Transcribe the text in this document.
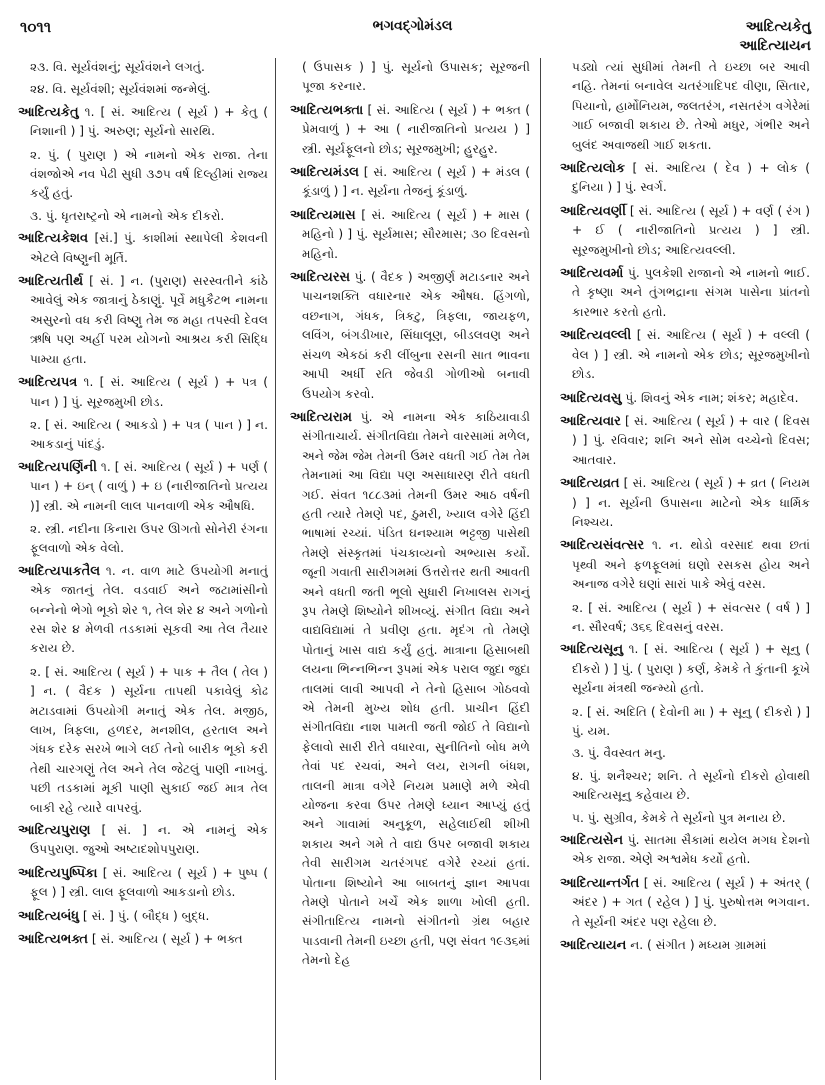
૧૦૧૧	ભગવદ્ગોમંડલ	આદિત્યકેતુ
આદિત્યાયન

૨૩. વિ. સૂર્યવંશનું; સૂર્યવંશને લગતું.

૨૪. વિ. સૂર્યવંશી; સૂર્યવંશમાં જન્મેલું.

આદિત્યકેતુ ૧. [ સં. આદિત્ય ( સૂર્ય ) + કેતુ ( નિશાની ) ] પું. અરુણ; સૂર્યનો સારથિ.

૨. પું. ( પુરાણ ) એ નામનો એક રાજા. તેના વંશજોએ નવ પેઢી સુધી ૩૭૫ વર્ષ દિલ્હીમાં રાજ્ય કર્યું હતું.

૩. પું. ધૃતરાષ્ટ્રનો એ નામનો એક દીકરો.

આદિત્યકેશવ [સં.] પું. કાશીમાં સ્થાપેલી કેશવની એટલે વિષ્ણુની મૂર્તિ.

આદિત્યતીર્થ [ સં. ] ન. (પુરાણ) સરસ્વતીને કાંઠે આવેલું એક જાત્રાનું ઠેકાણું. પૂર્વે મધુકૈટભ નામના અસુરનો વધ કરી વિષ્ણુ તેમ જ મહા તપસ્વી દેવલ ઋષિ પણ અહીં પરમ યોગનો આશ્રય કરી સિદ્ધિ પામ્યા હતા.

આદિત્યપત્ર ૧. [ સં. આદિત્ય ( સૂર્ય ) + પત્ર ( પાન ) ] પું. સૂરજમુખી છોડ.

૨. [ સં. આદિત્ય ( આકડો ) + પત્ર ( પાન ) ] ન. આકડાનું પાંદડું.

આદિત્યપર્ણિની ૧. [ સં. આદિત્ય ( સૂર્ય ) + પર્ણ ( પાન ) + ઇન્ ( વાળું ) + ઇ (નારીજાતિનો પ્રત્યય )] સ્ત્રી. એ નામની લાલ પાનવાળી એક ઔષધિ.

૨. સ્ત્રી. નદીના કિનારા ઉપર ઊગતો સોનેરી રંગના ફૂલવાળો એક વેલો.

આદિત્યપાકતૈલ ૧. ન. વાળ માટે ઉપયોગી મનાતું એક જાતનું તેલ. વડવાઈ અને જટામાંસીનો બન્નેનો ભેગો ભૂકો શેર ૧, તેલ શેર ૪ અને ગળોનો રસ શેર ૪ મેળવી તડકામાં સૂકવી આ તેલ તૈયાર કરાય છે.

૨. [ સં. આદિત્ય ( સૂર્ય ) + પાક + તૈલ ( તેલ ) ] ન. ( વૈદક ) સૂર્યના તાપથી પકાવેલું કોઢ મટાડવામાં ઉપયોગી મનાતું એક તેલ. મજીઠ, લાખ, ત્રિફલા, હળદર, મનશીલ, હરતાલ અને ગંધક દરેક સરખે ભાગે લઈ તેનો બારીક ભૂકો કરી તેથી ચારગણું તેલ અને તેલ જેટલું પાણી નાખવું. પછી તડકામાં મૂકી પાણી સુકાઈ જઈ માત્ર તેલ બાકી રહે ત્યારે વાપરવું.

આદિત્યપુરાણ [ સં. ] ન. એ નામનું એક ઉપપુરાણ. જુઓ અષ્ટાદશોપપુરાણ.

આદિત્યપુષ્પિકા [ સં. આદિત્ય ( સૂર્ય ) + પુષ્પ ( ફૂલ ) ] સ્ત્રી. લાલ ફૂલવાળો આકડાનો છોડ.

આદિત્યબંધુ [ સં. ] પું. ( બૌદ્ધ ) બુદ્ધ.

આદિત્યભક્ત [ સં. આદિત્ય ( સૂર્ય ) + ભક્ત

( ઉપાસક ) ] પું. સૂર્યનો ઉપાસક; સૂરજની પૂજા કરનાર.

આદિત્યભક્તા [ સં. આદિત્ય ( સૂર્ય ) + ભક્ત ( પ્રેમવાળું ) + આ ( નારીજાતિનો પ્રત્યય ) ] સ્ત્રી. સૂર્યફૂલનો છોડ; સૂરજમુખી; હુરહુર.

આદિત્યમંડલ [ સં. આદિત્ય ( સૂર્ય ) + મંડલ ( કૂંડાળું ) ] ન. સૂર્યના તેજનું કૂંડાળું.

આદિત્યમાસ [ સં. આદિત્ય ( સૂર્ય ) + માસ ( મહિનો ) ] પું. સૂર્યમાસ; સૌરમાસ; ૩૦ દિવસનો મહિનો.

આદિત્યરસ પું. ( વૈદક ) અજીર્ણ મટાડનાર અને પાચનશક્તિ વધારનાર એક ઔષધ. હિંગળો, વછનાગ, ગંધક, ત્રિકટુ, ત્રિફલા, જાયફળ, લવિંગ, બંગડીખાર, સિંધાલૂણ, બીડલવણ અને સંચળ એકઠાં કરી લીંબુના રસની સાત ભાવના આપી અર્ધી રતિ જેવડી ગોળીઓ બનાવી ઉપયોગ કરવો.

આદિત્યરામ પું. એ નામના એક કાઠિયાવાડી સંગીતાચાર્ય. સંગીતવિદ્યા તેમને વારસામાં મળેલ, અને જેમ જેમ તેમની ઉમર વધતી ગઈ તેમ તેમ તેમનામાં આ વિદ્યા પણ અસાધારણ રીતે વધતી ગઈ. સંવત ૧૮૮૩માં તેમની ઉમર આઠ વર્ષની હતી ત્યારે તેમણે પદ, ઠુમરી, ખ્યાલ વગેરે હિંદી ભાષામાં રચ્યાં. પંડિત ઘનશ્યામ ભટ્ટજી પાસેથી તેમણે સંસ્કૃતમાં પંચકાવ્યનો અભ્યાસ કર્યો. જૂની ગવાતી સારીગમમાં ઉત્તરોત્તર થતી આવતી અને વધતી જતી ભૂલો સુધારી નિખાલસ રાગનું રૂપ તેમણે શિષ્યોને શીખવ્યું. સંગીત વિદ્યા અને વાદ્યવિદ્યામાં તે પ્રવીણ હતા. મૃદંગ તો તેમણે પોતાનું ખાસ વાદ્ય કર્યું હતું. માત્રાના હિસાબથી લયના ભિન્નભિન્ન રૂપમાં એક પરાલ જુદા જુદા તાલમાં લાવી આપવી ને તેનો હિસાબ ગોઠવવો એ તેમની મુખ્ય શોધ હતી. પ્રાચીન હિંદી સંગીતવિદ્યા નાશ પામતી જતી જોઈ તે વિદ્યાનો ફેલાવો સારી રીતે વધારવા, સુનીતિનો બોધ મળે તેવાં પદ રચવાં, અને લય, રાગની બંધશ, તાલની માત્રા વગેરે નિયમ પ્રમાણે મળે એવી યોજના કરવા ઉપર તેમણે ધ્યાન આપ્યું હતું અને ગાવામાં અનુકૂળ, સહેલાઈથી શીખી શકાય અને ગમે તે વાદ્ય ઉપર બજાવી શકાય તેવી સારીગમ ચતરંગપદ વગેરે રચ્યાં હતાં. પોતાના શિષ્યોને આ બાબતનું જ્ઞાન આપવા તેમણે પોતાને ખર્ચે એક શાળા ખોલી હતી. સંગીતાદિત્ય નામનો સંગીતનો ગ્રંથ બહાર પાડવાની તેમની ઇચ્છા હતી, પણ સંવત ૧૯૩૬માં તેમનો દેહ

પડ્યો ત્યાં સુધીમાં તેમની તે ઇચ્છા બર આવી નહિ. તેમનાં બનાવેલ ચતરંગાદિપદ વીણા, સિતાર, પિયાનો, હાર્મોનિયમ, જલતરંગ, નસતરંગ વગેરેમાં ગાઈ બજાવી શકાય છે. તેઓ મધુર, ગંભીર અને બુલંદ અવાજથી ગાઈ શકતા.

આદિત્યલોક [ સં. આદિત્ય ( દેવ ) + લોક ( દુનિયા ) ] પું. સ્વર્ગ.

આદિત્યવર્ણી [ સં. આદિત્ય ( સૂર્ય ) + વર્ણ ( રંગ ) + ઈ ( નારીજાતિનો પ્રત્યય ) ] સ્ત્રી. સૂરજમુખીનો છોડ; આદિત્યવલ્લી.

આદિત્યવર્મા પું. પુલકેશી રાજાનો એ નામનો ભાઈ. તે કૃષ્ણા અને તુંગભદ્રાના સંગમ પાસેના પ્રાંતનો કારભાર કરતો હતો.

આદિત્યવલ્લી [ સં. આદિત્ય ( સૂર્ય ) + વલ્લી ( વેલ ) ] સ્ત્રી. એ નામનો એક છોડ; સૂરજમુખીનો છોડ.

આદિત્યવસુ પું. શિવનું એક નામ; શંકર; મહાદેવ.

આદિત્યવાર [ સં. આદિત્ય ( સૂર્ય ) + વાર ( દિવસ ) ] પું. રવિવાર; શનિ અને સોમ વચ્ચેનો દિવસ; આતવાર.

આદિત્યવ્રત [ સં. આદિત્ય ( સૂર્ય ) + વ્રત ( નિયમ ) ] ન. સૂર્યની ઉપાસના માટેનો એક ધાર્મિક નિશ્ચય.

આદિત્યસંવત્સર ૧. ન. થોડો વરસાદ થવા છતાં પૃથ્વી અને ફળફૂલમાં ઘણો રસકસ હોય અને અનાજ વગેરે ઘણાં સારાં પાકે એવું વરસ.

૨. [ સં. આદિત્ય ( સૂર્ય ) + સંવત્સર ( વર્ષ ) ] ન. સૌરવર્ષ; ૩૬૬ દિવસનું વરસ.

આદિત્યસૂનુ ૧. [ સં. આદિત્ય ( સૂર્ય ) + સૂનુ ( દીકરો ) ] પું. ( પુરાણ ) કર્ણ, કેમકે તે કુંતાની કૂખે સૂર્યના મંત્રથી જન્મ્યો હતો.

૨. [ સં. અદિતિ ( દેવોની મા ) + સૂનુ ( દીકરો ) ] પું. યમ.

૩. પું. વૈવસ્વત મનુ.

૪. પું. શનૈશ્ચર; શનિ. તે સૂર્યનો દીકરો હોવાથી આદિત્યસૂનુ કહેવાય છે.

૫. પું. સુગ્રીવ, કેમકે તે સૂર્યનો પુત્ર મનાય છે.

આદિત્યસેન પું. સાતમા સૈકામાં થયેલ મગધ દેશનો એક રાજા. એણે અશ્વમેધ કર્યો હતો.

આદિત્યાન્તર્ગત [ સં. આદિત્ય ( સૂર્ય ) + અંતર્ ( અંદર ) + ગત ( રહેલ ) ] પું. પુરુષોત્તમ ભગવાન. તે સૂર્યની અંદર પણ રહેલા છે.

આદિત્યાયન ન. ( સંગીત ) મધ્યમ ગ્રામમાં
